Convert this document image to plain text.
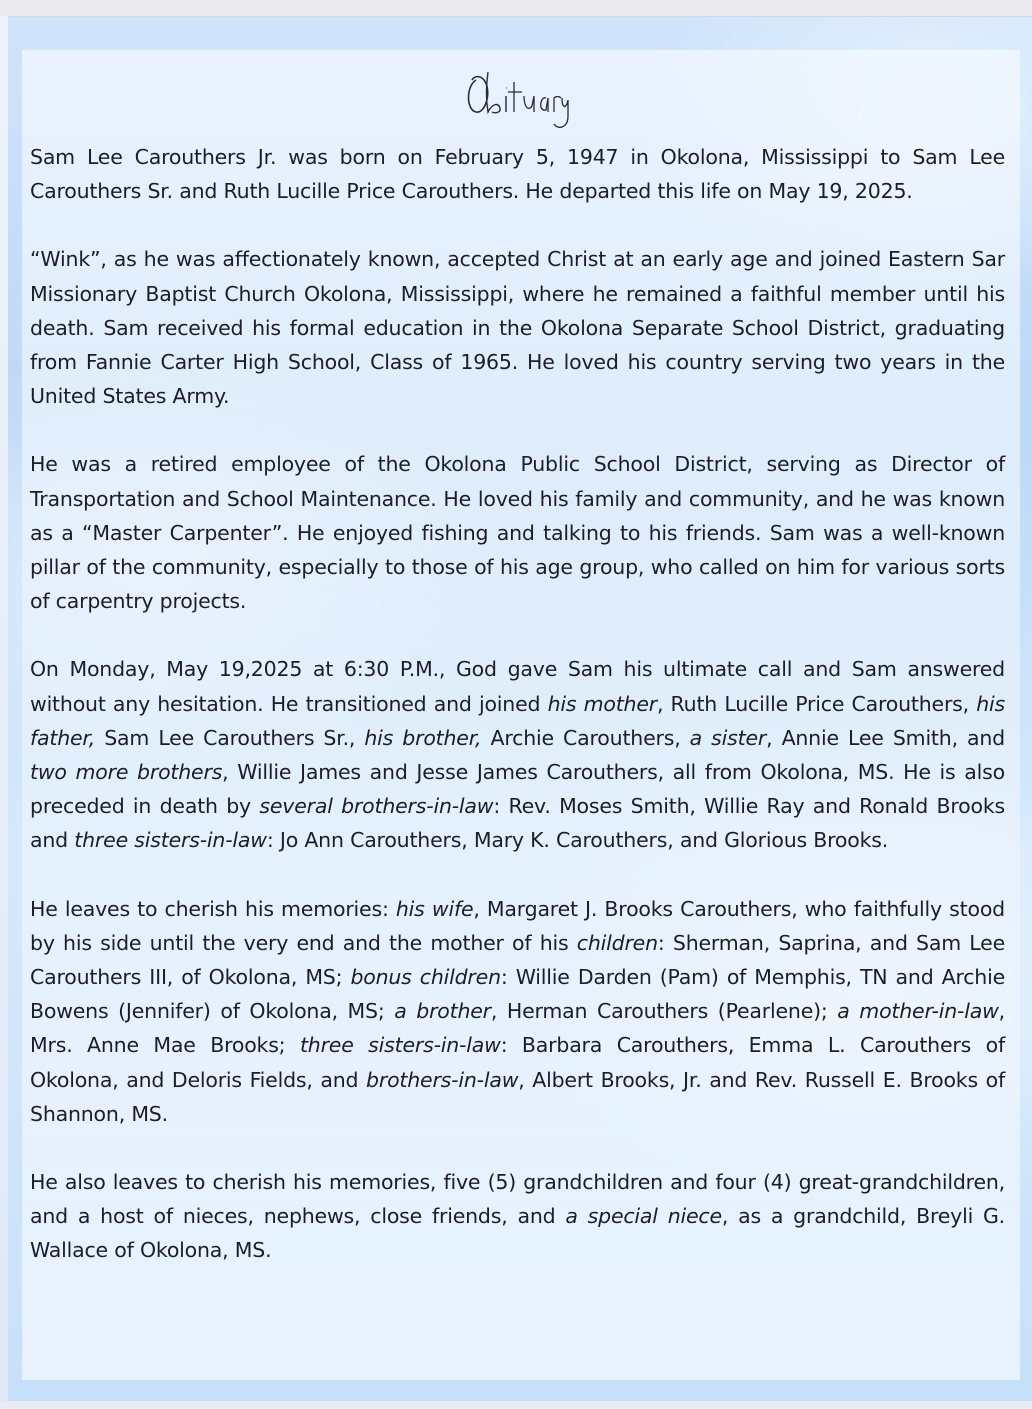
Sam Lee Carouthers Jr. was born on February 5, 1947 in Okolona, Mississippi to Sam Lee Carouthers Sr. and Ruth Lucille Price Carouthers. He departed this life on May 19, 2025.

“Wink”, as he was affectionately known, accepted Christ at an early age and joined Eastern Sar Missionary Baptist Church Okolona, Mississippi, where he remained a faithful member until his death. Sam received his formal education in the Okolona Separate School District, graduating from Fannie Carter High School, Class of 1965. He loved his country serving two years in the United States Army.

He was a retired employee of the Okolona Public School District, serving as Director of Transportation and School Maintenance. He loved his family and community, and he was known as a “Master Carpenter”. He enjoyed fishing and talking to his friends. Sam was a well-known pillar of the community, especially to those of his age group, who called on him for various sorts of carpentry projects.

On Monday, May 19,2025 at 6:30 P.M., God gave Sam his ultimate call and Sam answered without any hesitation. He transitioned and joined his mother, Ruth Lucille Price Carouthers, his father, Sam Lee Carouthers Sr., his brother, Archie Carouthers, a sister, Annie Lee Smith, and two more brothers, Willie James and Jesse James Carouthers, all from Okolona, MS. He is also preceded in death by several brothers-in-law: Rev. Moses Smith, Willie Ray and Ronald Brooks and three sisters-in-law: Jo Ann Carouthers, Mary K. Carouthers, and Glorious Brooks.

He leaves to cherish his memories: his wife, Margaret J. Brooks Carouthers, who faithfully stood by his side until the very end and the mother of his children: Sherman, Saprina, and Sam Lee Carouthers III, of Okolona, MS; bonus children: Willie Darden (Pam) of Memphis, TN and Archie Bowens (Jennifer) of Okolona, MS; a brother, Herman Carouthers (Pearlene); a mother-in-law, Mrs. Anne Mae Brooks; three sisters-in-law: Barbara Carouthers, Emma L. Carouthers of Okolona, and Deloris Fields, and brothers-in-law, Albert Brooks, Jr. and Rev. Russell E. Brooks of Shannon, MS.

He also leaves to cherish his memories, five (5) grandchildren and four (4) great-grandchildren, and a host of nieces, nephews, close friends, and a special niece, as a grandchild, Breyli G. Wallace of Okolona, MS.
